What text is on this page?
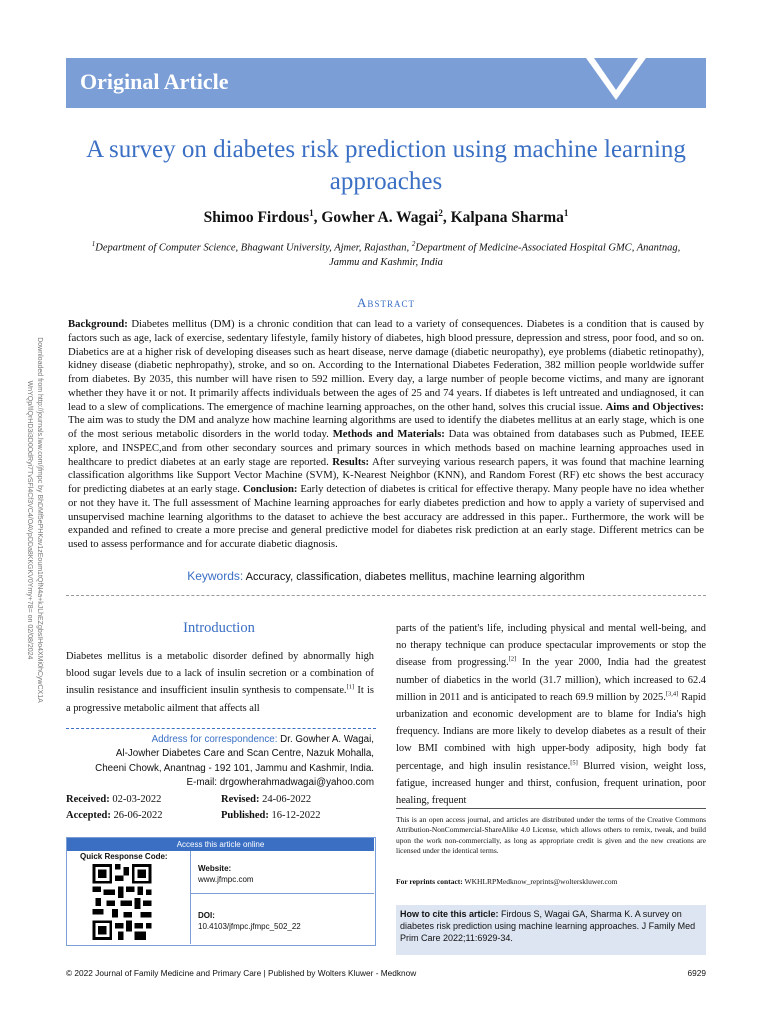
Original Article
A survey on diabetes risk prediction using machine learning approaches
Shimoo Firdous$^1$, Gowher A. Wagai$^2$, Kalpana Sharma$^1$
$^1$Department of Computer Science, Bhagwant University, Ajmer, Rajasthan, $^2$Department of Medicine-Associated Hospital GMC, Anantnag, Jammu and Kashmir, India
Abstract
Background: Diabetes mellitus (DM) is a chronic condition that can lead to a variety of consequences. Diabetes is a condition that is caused by factors such as age, lack of exercise, sedentary lifestyle, family history of diabetes, high blood pressure, depression and stress, poor food, and so on. Diabetics are at a higher risk of developing diseases such as heart disease, nerve damage (diabetic neuropathy), eye problems (diabetic retinopathy), kidney disease (diabetic nephropathy), stroke, and so on. According to the International Diabetes Federation, 382 million people worldwide suffer from diabetes. By 2035, this number will have risen to 592 million. Every day, a large number of people become victims, and many are ignorant whether they have it or not. It primarily affects individuals between the ages of 25 and 74 years. If diabetes is left untreated and undiagnosed, it can lead to a slew of complications. The emergence of machine learning approaches, on the other hand, solves this crucial issue. Aims and Objectives: The aim was to study the DM and analyze how machine learning algorithms are used to identify the diabetes mellitus at an early stage, which is one of the most serious metabolic disorders in the world today. Methods and Materials: Data was obtained from databases such as Pubmed, IEEE xplore, and INSPEC,and from other secondary sources and primary sources in which methods based on machine learning approaches used in healthcare to predict diabetes at an early stage are reported. Results: After surveying various research papers, it was found that machine learning classification algorithms like Support Vector Machine (SVM), K-Nearest Neighbor (KNN), and Random Forest (RF) etc shows the best accuracy for predicting diabetes at an early stage. Conclusion: Early detection of diabetes is critical for effective therapy. Many people have no idea whether or not they have it. The full assessment of Machine learning approaches for early diabetes prediction and how to apply a variety of supervised and unsupervised machine learning algorithms to the dataset to achieve the best accuracy are addressed in this paper.. Furthermore, the work will be expanded and refined to create a more precise and general predictive model for diabetes risk prediction at an early stage. Different metrics can be used to assess performance and for accurate diabetic diagnosis.
Keywords: Accuracy, classification, diabetes mellitus, machine learning algorithm
Introduction
Diabetes mellitus is a metabolic disorder defined by abnormally high blood sugar levels due to a lack of insulin secretion or a combination of insulin resistance and insufficient insulin synthesis to compensate.[1] It is a progressive metabolic ailment that affects all
parts of the patient's life, including physical and mental well-being, and no therapy technique can produce spectacular improvements or stop the disease from progressing.[2] In the year 2000, India had the greatest number of diabetics in the world (31.7 million), which increased to 62.4 million in 2011 and is anticipated to reach 69.9 million by 2025.[3,4] Rapid urbanization and economic development are to blame for India's high frequency. Indians are more likely to develop diabetes as a result of their low BMI combined with high upper-body adiposity, high body fat percentage, and high insulin resistance.[5] Blurred vision, weight loss, fatigue, increased hunger and thirst, confusion, frequent urination, poor healing, frequent
Address for correspondence: Dr. Gowher A. Wagai,
Al-Jowher Diabetes Care and Scan Centre, Nazuk Mohalla,
Cheeni Chowk, Anantnag - 192 101, Jammu and Kashmir, India.
E-mail: drgowherahmadwagai@yahoo.com
Received: 02-03-2022	Revised: 24-06-2022
Accepted: 26-06-2022	Published: 16-12-2022
Access this article online
Quick Response Code:
Website:
www.jfmpc.com
DOI:
10.4103/jfmpc.jfmpc_502_22
This is an open access journal, and articles are distributed under the terms of the Creative Commons Attribution-NonCommercial-ShareAlike 4.0 License, which allows others to remix, tweak, and build upon the work non-commercially, as long as appropriate credit is given and the new creations are licensed under the identical terms.
For reprints contact: WKHLRPMedknow_reprints@wolterskluwer.com
How to cite this article: Firdous S, Wagai GA, Sharma K. A survey on diabetes risk prediction using machine learning approaches. J Family Med Prim Care 2022;11:6929-34.
© 2022 Journal of Family Medicine and Primary Care | Published by Wolters Kluwer - Medknow	6929
Downloaded from http://journals.lww.com/jfmpc by BhDMf5ePHKav1zEoum1tQfN4a+kJLhEZgbsIHo4XMi0hCywCX1A
WnYQp/IlQrHD3i3D0OdRyi7TvSFl4Cf3VC4/OAVpDDa8KKGKV0Ymy+78= on 02/08/2024
